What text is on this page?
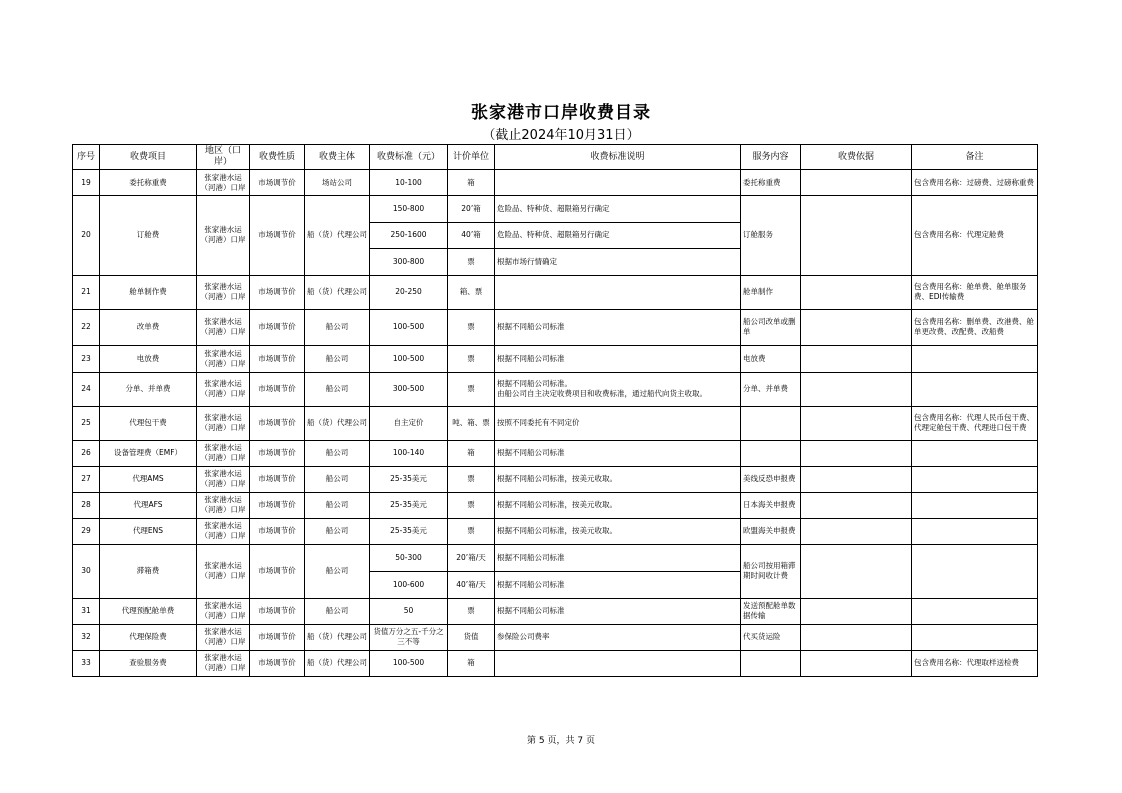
张家港市口岸收费目录
（截止2024年10月31日）
序号	收费项目	地区（口岸）	收费性质	收费主体	收费标准（元）	计价单位	收费标准说明	服务内容	收费依据	备注
19	委托称重费	张家港水运（河港）口岸	市场调节价	场站公司	10-100	箱		委托称重费		包含费用名称：过磅费、过磅称重费
20	订舱费	张家港水运（河港）口岸	市场调节价	船（货）代理公司	150-800	20’箱	危险品、特种货、超限箱另行确定	订舱服务		包含费用名称：代理定舱费
					250-1600	40’箱	危险品、特种货、超限箱另行确定			
					300-800	票	根据市场行情确定			
21	舱单制作费	张家港水运（河港）口岸	市场调节价	船（货）代理公司	20-250	箱、票		舱单制作		包含费用名称：舱单费、舱单服务费、EDI传输费
22	改单费	张家港水运（河港）口岸	市场调节价	船公司	100-500	票	根据不同船公司标准	船公司改单或删单		包含费用名称：删单费、改港费、舱单更改费、改配费、改船费
23	电放费	张家港水运（河港）口岸	市场调节价	船公司	100-500	票	根据不同船公司标准	电放费		
24	分单、并单费	张家港水运（河港）口岸	市场调节价	船公司	300-500	票	根据不同船公司标准。
由船公司自主决定收费项目和收费标准，通过船代向货主收取。	分单、并单费		
25	代理包干费	张家港水运（河港）口岸	市场调节价	船（货）代理公司	自主定价	吨、箱、票	按照不同委托有不同定价			包含费用名称：代理人民币包干费、代理定舱包干费、代理进口包干费
26	设备管理费（EMF）	张家港水运（河港）口岸	市场调节价	船公司	100-140	箱	根据不同船公司标准			
27	代理AMS	张家港水运（河港）口岸	市场调节价	船公司	25-35美元	票	根据不同船公司标准，按美元收取。	美线反恐申报费		
28	代理AFS	张家港水运（河港）口岸	市场调节价	船公司	25-35美元	票	根据不同船公司标准，按美元收取。	日本海关申报费		
29	代理ENS	张家港水运（河港）口岸	市场调节价	船公司	25-35美元	票	根据不同船公司标准，按美元收取。	欧盟海关申报费		
30	滞箱费	张家港水运（河港）口岸	市场调节价	船公司	50-300	20’箱/天	根据不同船公司标准	船公司按用箱滞期时间收计费		
					100-600	40’箱/天	根据不同船公司标准			
31	代理预配舱单费	张家港水运（河港）口岸	市场调节价	船公司	50	票	根据不同船公司标准	发送预配舱单数据传输		
32	代理保险费	张家港水运（河港）口岸	市场调节价	船（货）代理公司	货值万分之五-千分之三不等	货值	参保险公司费率	代买货运险		
33	查验服务费	张家港水运（河港）口岸	市场调节价	船（货）代理公司	100-500	箱				包含费用名称：代理取样送检费
第 5 页，共 7 页
